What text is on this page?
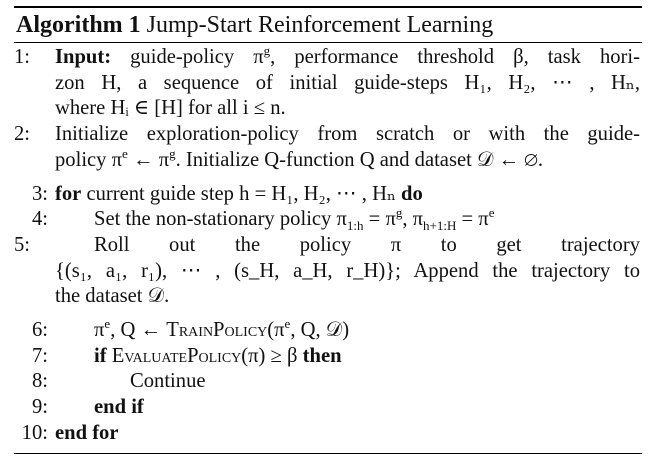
Algorithm 1 Jump-Start Reinforcement Learning
1:	Input: guide-policy $\pi^g$, performance threshold β, task hori-
zon H, a sequence of initial guide-steps H₁, H₂, ⋯ , Hₙ,
where Hᵢ ∈ [H] for all i ≤ n.
2:	Initialize exploration-policy from scratch or with the guide-
policy $\pi^e$ ← $\pi^g$. Initialize Q-function Q and dataset 𝒟 ← ∅.
3: for current guide step h = H₁, H₂, ⋯ , Hₙ do
4: Set the non-stationary policy $\pi_{1:h} = \pi^g$, $\pi_{h+1:H} = \pi^e$
5:	Roll out the policy π to get trajectory
{(s₁, a₁, r₁), ⋯ , (s_H, a_H, r_H)}; Append the trajectory to
the dataset 𝒟.
6: $\pi^e$, Q ← $TrainPolicy(\pi^e$, Q, 𝒟)
7: if EvaluatePolicy(π) ≥ β then
8:	Continue
9: end if
10: end for
